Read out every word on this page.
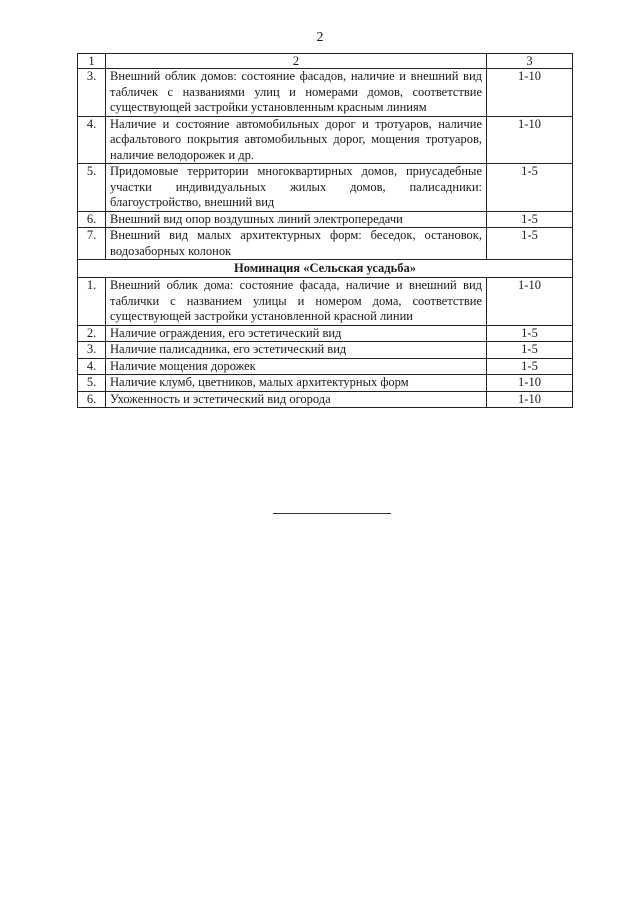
2
1	2	3
3.	Внешний облик домов: состояние фасадов, наличие и внешний вид табличек с названиями улиц и номерами домов, соответствие существующей застройки установленным красным линиям	1-10
4.	Наличие и состояние автомобильных дорог и тротуаров, наличие асфальтового покрытия автомобильных дорог, мощения тротуаров, наличие велодорожек и др.	1-10
5.	Придомовые территории многоквартирных домов, приусадебные участки индивидуальных жилых домов, палисадники: благоустройство, внешний вид	1-5
6.	Внешний вид опор воздушных линий электропередачи	1-5
7.	Внешний вид малых архитектурных форм: беседок, остановок, водозаборных колонок	1-5
Номинация «Сельская усадьба»		
1.	Внешний облик дома: состояние фасада, наличие и внешний вид таблички с названием улицы и номером дома, соответствие существующей застройки установленной красной линии	1-10
2.	Наличие ограждения, его эстетический вид	1-5
3.	Наличие палисадника, его эстетический вид	1-5
4.	Наличие мощения дорожек	1-5
5.	Наличие клумб, цветников, малых архитектурных форм	1-10
6.	Ухоженность и эстетический вид огорода	1-10
